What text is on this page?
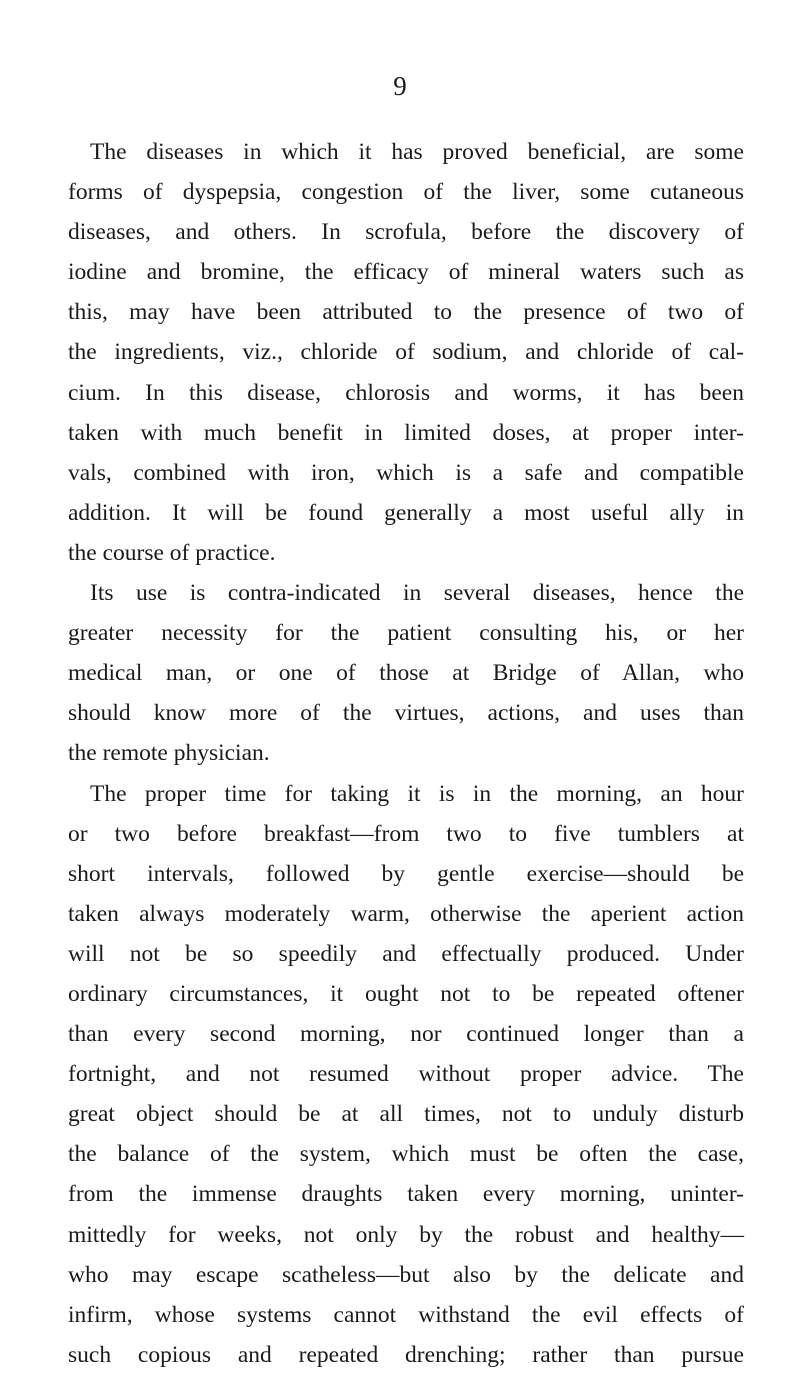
9
The diseases in which it has proved beneficial, are some
forms of dyspepsia, congestion of the liver, some cutaneous
diseases, and others. In scrofula, before the discovery of
iodine and bromine, the efficacy of mineral waters such as
this, may have been attributed to the presence of two of
the ingredients, viz., chloride of sodium, and chloride of cal-
cium. In this disease, chlorosis and worms, it has been
taken with much benefit in limited doses, at proper inter-
vals, combined with iron, which is a safe and compatible
addition. It will be found generally a most useful ally in
the course of practice.
Its use is contra-indicated in several diseases, hence the
greater necessity for the patient consulting his, or her
medical man, or one of those at Bridge of Allan, who
should know more of the virtues, actions, and uses than
the remote physician.
The proper time for taking it is in the morning, an hour
or two before breakfast—from two to five tumblers at
short intervals, followed by gentle exercise—should be
taken always moderately warm, otherwise the aperient action
will not be so speedily and effectually produced. Under
ordinary circumstances, it ought not to be repeated oftener
than every second morning, nor continued longer than a
fortnight, and not resumed without proper advice. The
great object should be at all times, not to unduly disturb
the balance of the system, which must be often the case,
from the immense draughts taken every morning, uninter-
mittedly for weeks, not only by the robust and healthy—
who may escape scatheless—but also by the delicate and
infirm, whose systems cannot withstand the evil effects of
such copious and repeated drenching; rather than pursue
